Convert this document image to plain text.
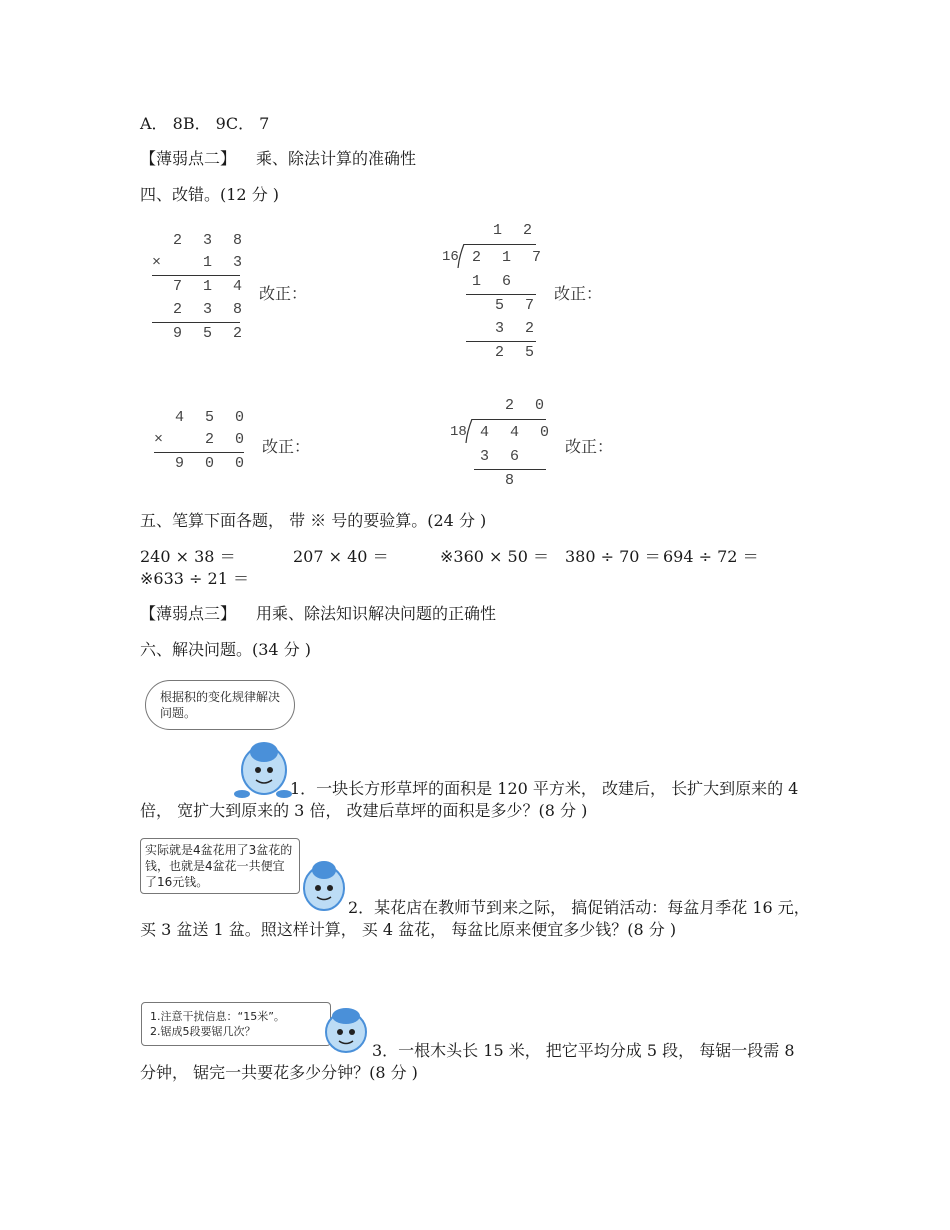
A． 8B． 9C． 7
【薄弱点二】 乘、除法计算的准确性
四、改错。(12 分 )
2 3 8
×	1 3
7 1 4
2 3 8
9 5 2
改正：
1 2
16 2 1 7
1 6
5 7
3 2
2 5
改正：
4 5 0
×	2 0
9 0 0
改正：
2 0
18 4 4 0
3 6
8
改正：
五、笔算下面各题， 带 ※ 号的要验算。(24 分 )
240 × 38 ＝	207 × 40 ＝	※360 × 50 ＝ 380 ÷ 70 ＝ 694 ÷ 72 ＝
※633 ÷ 21 ＝
【薄弱点三】 用乘、除法知识解决问题的正确性
六、解决问题。(34 分 )
根据积的变化规律解决问题。
1．一块长方形草坪的面积是 120 平方米， 改建后， 长扩大到原来的 4 倍， 宽扩大到原来的 3 倍， 改建后草坪的面积是多少？(8 分 )
实际就是4盆花用了3盆花的钱，也就是4盆花一共便宜了16元钱。
2．某花店在教师节到来之际， 搞促销活动：每盆月季花 16 元， 买 3 盆送 1 盆。照这样计算， 买 4 盆花， 每盆比原来便宜多少钱？(8 分 )
1.注意干扰信息：“15米”。
2.锯成5段要锯几次？
3．一根木头长 15 米， 把它平均分成 5 段， 每锯一段需 8 分钟， 锯完一共要花多少分钟？(8 分 )
